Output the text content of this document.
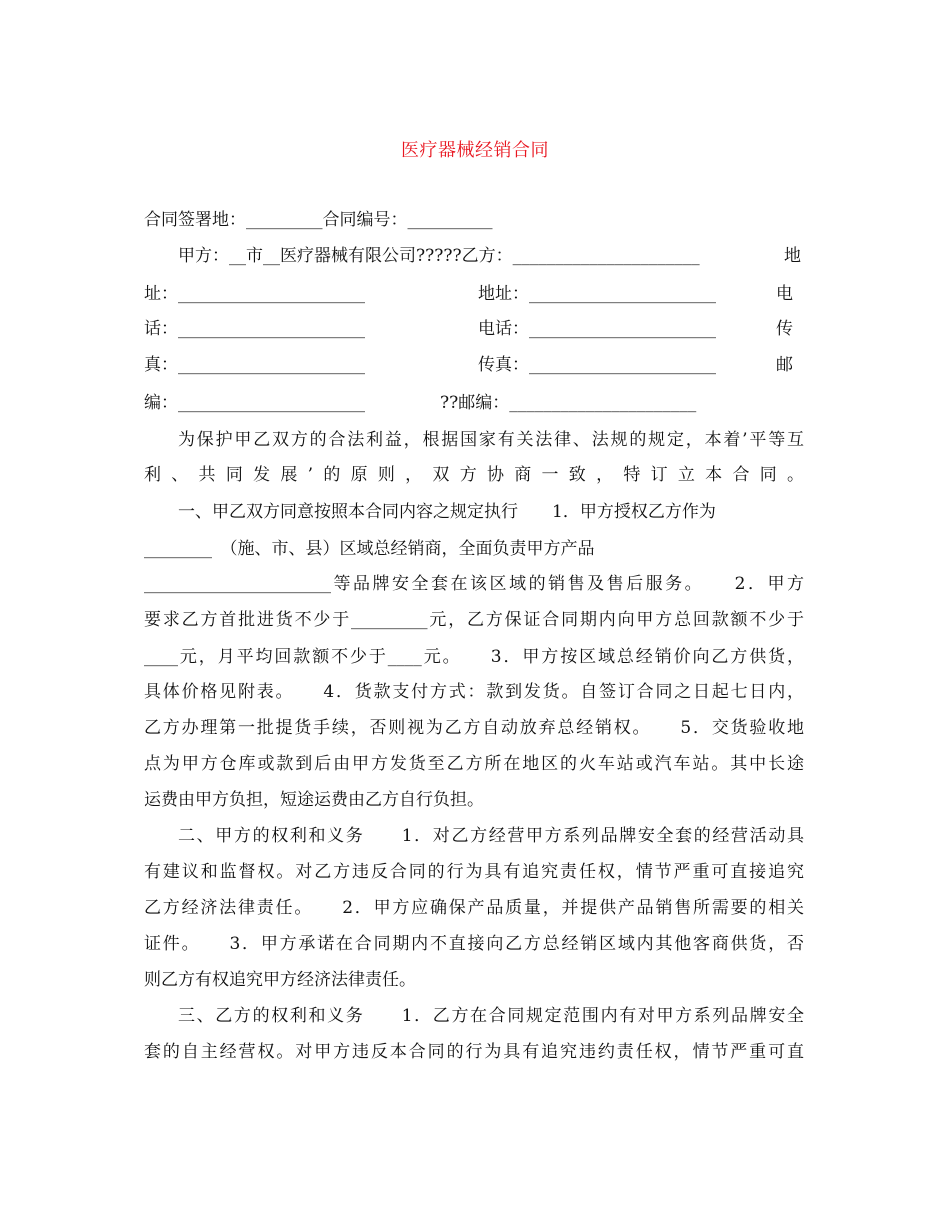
医疗器械经销合同
合同签署地：_________合同编号：__________
甲方：__市__医疗器械有限公司?????乙方：______________________	地
址：______________________	地址：______________________	电
话：______________________	电话：______________________	传
真：______________________	传真：______________________	邮
编：______________________	??邮编：______________________
为保护甲乙双方的合法利益，根据国家有关法律、法规的规定，本着’平等互
利、共同发展’的原则，双方协商一致，特订立本合同。
一、甲乙双方同意按照本合同内容之规定执行　　1．甲方授权乙方作为
________　（施、市、县）区域总经销商，全面负责甲方产品
______________________等品牌安全套在该区域的销售及售后服务。　　2．甲方
要求乙方首批进货不少于_________元，乙方保证合同期内向甲方总回款额不少于
____元，月平均回款额不少于____元。　　3．甲方按区域总经销价向乙方供货，
具体价格见附表。　　4．货款支付方式：款到发货。自签订合同之日起七日内，
乙方办理第一批提货手续，否则视为乙方自动放弃总经销权。　　5．交货验收地
点为甲方仓库或款到后由甲方发货至乙方所在地区的火车站或汽车站。其中长途
运费由甲方负担，短途运费由乙方自行负担。
二、甲方的权利和义务　　1．对乙方经营甲方系列品牌安全套的经营活动具
有建议和监督权。对乙方违反合同的行为具有追究责任权，情节严重可直接追究
乙方经济法律责任。　　2．甲方应确保产品质量，并提供产品销售所需要的相关
证件。　　3．甲方承诺在合同期内不直接向乙方总经销区域内其他客商供货，否
则乙方有权追究甲方经济法律责任。
三、乙方的权利和义务　　1．乙方在合同规定范围内有对甲方系列品牌安全
套的自主经营权。对甲方违反本合同的行为具有追究违约责任权，情节严重可直
